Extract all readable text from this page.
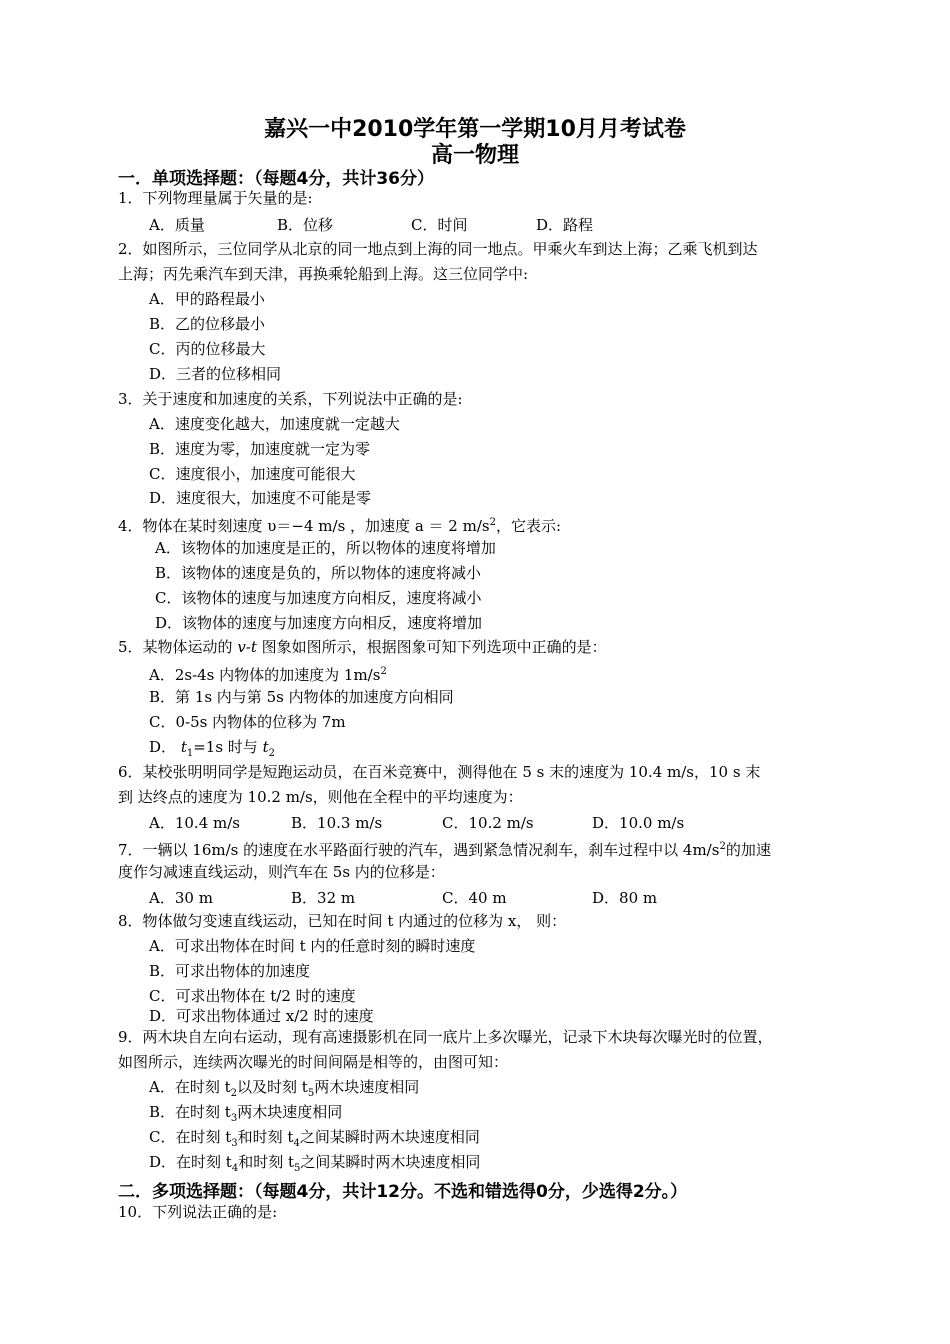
嘉兴一中2010学年第一学期10月月考试卷
高一物理
一．单项选择题：（每题4分，共计36分）
1．下列物理量属于矢量的是:
A．质量	B．位移	C．时间	D．路程
2．如图所示，三位同学从北京的同一地点到上海的同一地点。甲乘火车到达上海；乙乘飞机到达
上海；丙先乘汽车到天津，再换乘轮船到上海。这三位同学中:
A．甲的路程最小
B．乙的位移最小
C．丙的位移最大
D．三者的位移相同
3．关于速度和加速度的关系，下列说法中正确的是:
A．速度变化越大，加速度就一定越大
B．速度为零，加速度就一定为零
C．速度很小，加速度可能很大
D．速度很大，加速度不可能是零
4．物体在某时刻速度 υ＝−4 m/s ，加速度 a ＝ 2 $m/s^2$，它表示:
A．该物体的加速度是正的，所以物体的速度将增加
B．该物体的速度是负的，所以物体的速度将减小
C．该物体的速度与加速度方向相反，速度将减小
D．该物体的速度与加速度方向相反，速度将增加
5．某物体运动的 v-t 图象如图所示，根据图象可知下列选项中正确的是：
A．2s-4s 内物体的加速度为 $1m/s^2$
B．第 1s 内与第 5s 内物体的加速度方向相同
C．0-5s 内物体的位移为 7m
D． $t_1=1s$ 时与 $t_2$
6．某校张明明同学是短跑运动员，在百米竞赛中，测得他在 5 s 末的速度为 10.4 m/s，10 s 末
到 达终点的速度为 10.2 m/s，则他在全程中的平均速度为：
A．10.4 m/s	B．10.3 m/s	C．10.2 m/s	D．10.0 m/s
7．一辆以 16m/s 的速度在水平路面行驶的汽车，遇到紧急情况刹车，刹车过程中以 $4m/s^2$的加速
度作匀减速直线运动，则汽车在 5s 内的位移是：
A．30 m	B．32 m	C．40 m	D．80 m
8．物体做匀变速直线运动，已知在时间 t 内通过的位移为 x， 则：
A．可求出物体在时间 t 内的任意时刻的瞬时速度
B．可求出物体的加速度
C．可求出物体在 t/2 时的速度
D．可求出物体通过 x/2 时的速度
9．两木块自左向右运动，现有高速摄影机在同一底片上多次曝光，记录下木块每次曝光时的位置，
如图所示，连续两次曝光的时间间隔是相等的，由图可知：
A．在时刻 $t_2$以及时刻 $t_5$两木块速度相同
B．在时刻 $t_3$两木块速度相同
C．在时刻 $t_3$和时刻 $t_4$之间某瞬时两木块速度相同
D．在时刻 $t_4$和时刻 $t_5$之间某瞬时两木块速度相同
二．多项选择题：（每题4分，共计12分。不选和错选得0分，少选得2分。）
10．下列说法正确的是:
